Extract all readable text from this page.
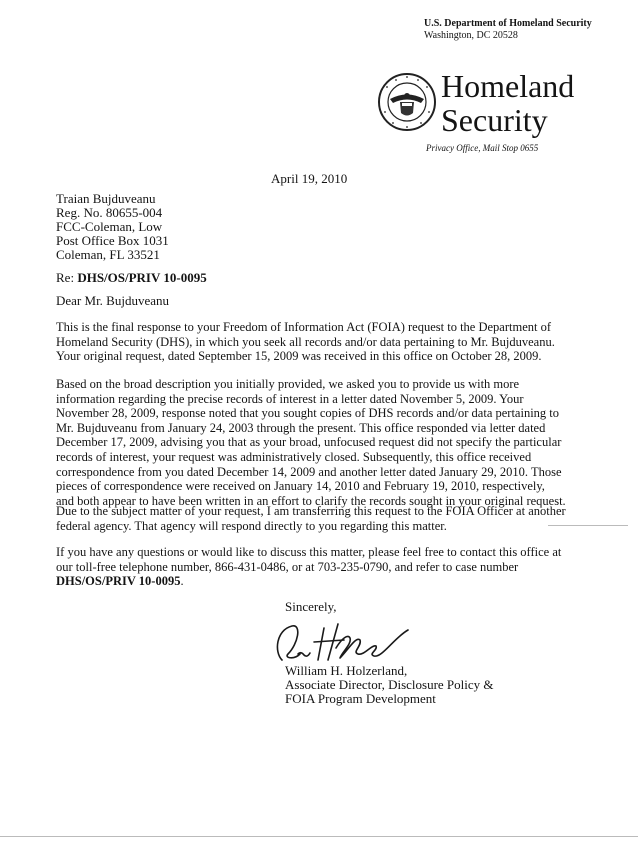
U.S. Department of Homeland Security
Washington, DC 20528
Homeland
Security
Privacy Office, Mail Stop 0655
April 19, 2010
Traian Bujduveanu
Reg. No. 80655-004
FCC-Coleman, Low
Post Office Box 1031
Coleman, FL 33521
Re: DHS/OS/PRIV 10-0095
Dear Mr. Bujduveanu
This is the final response to your Freedom of Information Act (FOIA) request to the Department of Homeland Security (DHS), in which you seek all records and/or data pertaining to Mr. Bujduveanu. Your original request, dated September 15, 2009 was received in this office on October 28, 2009.
Based on the broad description you initially provided, we asked you to provide us with more information regarding the precise records of interest in a letter dated November 5, 2009. Your November 28, 2009, response noted that you sought copies of DHS records and/or data pertaining to Mr. Bujduveanu from January 24, 2003 through the present. This office responded via letter dated December 17, 2009, advising you that as your broad, unfocused request did not specify the particular records of interest, your request was administratively closed. Subsequently, this office received correspondence from you dated December 14, 2009 and another letter dated January 29, 2010. Those pieces of correspondence were received on January 14, 2010 and February 19, 2010, respectively, and both appear to have been written in an effort to clarify the records sought in your original request.
Due to the subject matter of your request, I am transferring this request to the FOIA Officer at another federal agency. That agency will respond directly to you regarding this matter.
If you have any questions or would like to discuss this matter, please feel free to contact this office at our toll-free telephone number, 866-431-0486, or at 703-235-0790, and refer to case number DHS/OS/PRIV 10-0095.
Sincerely,
William H. Holzerland,
Associate Director, Disclosure Policy &
FOIA Program Development
